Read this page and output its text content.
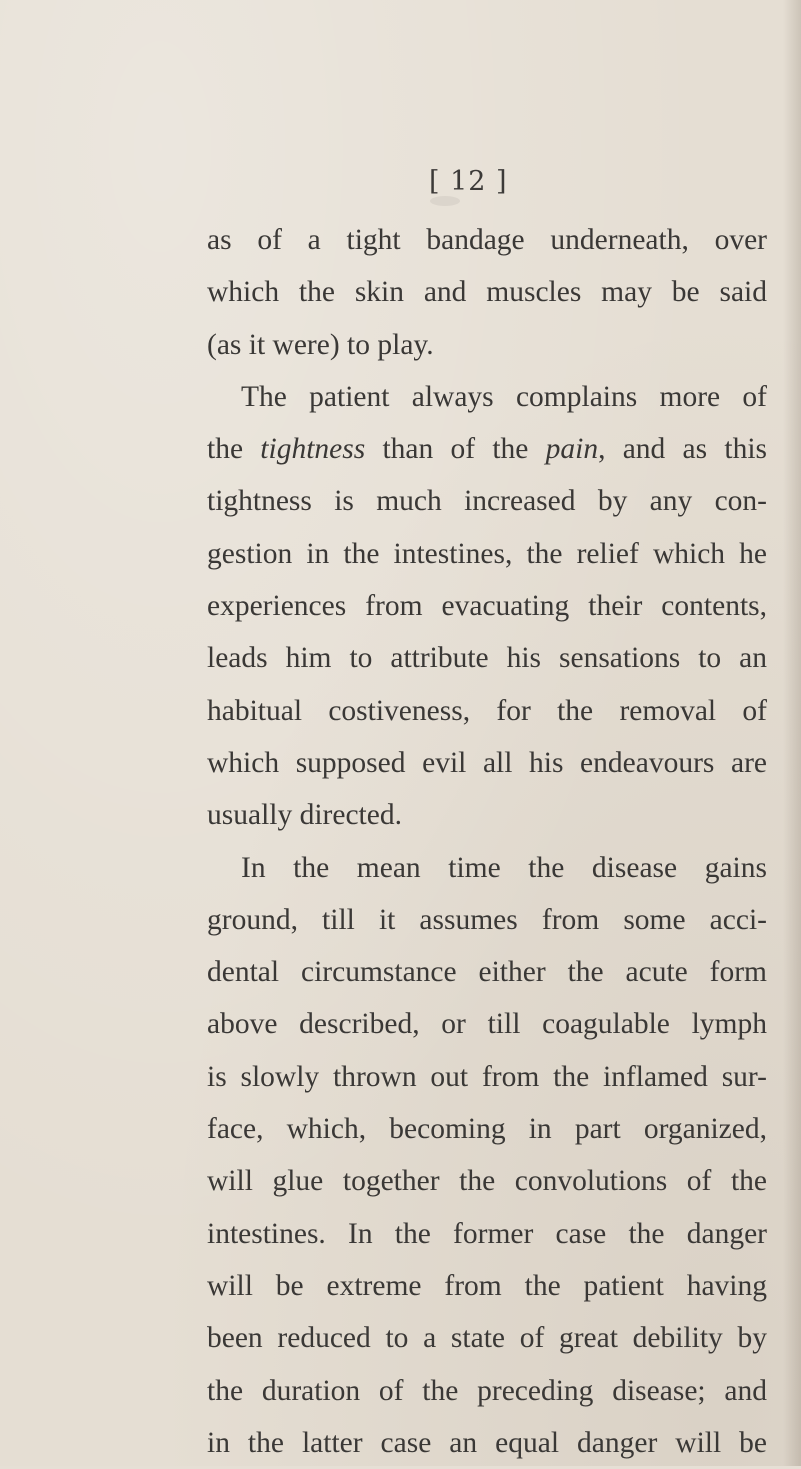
[ 12 ]
as of a tight bandage underneath, over
which the skin and muscles may be said
(as it were) to play.
The patient always complains more of
the tightness than of the pain, and as this
tightness is much increased by any con-
gestion in the intestines, the relief which he
experiences from evacuating their contents,
leads him to attribute his sensations to an
habitual costiveness, for the removal of
which supposed evil all his endeavours are
usually directed.
In the mean time the disease gains
ground, till it assumes from some acci-
dental circumstance either the acute form
above described, or till coagulable lymph
is slowly thrown out from the inflamed sur-
face, which, becoming in part organized,
will glue together the convolutions of the
intestines. In the former case the danger
will be extreme from the patient having
been reduced to a state of great debility by
the duration of the preceding disease; and
in the latter case an equal danger will be
